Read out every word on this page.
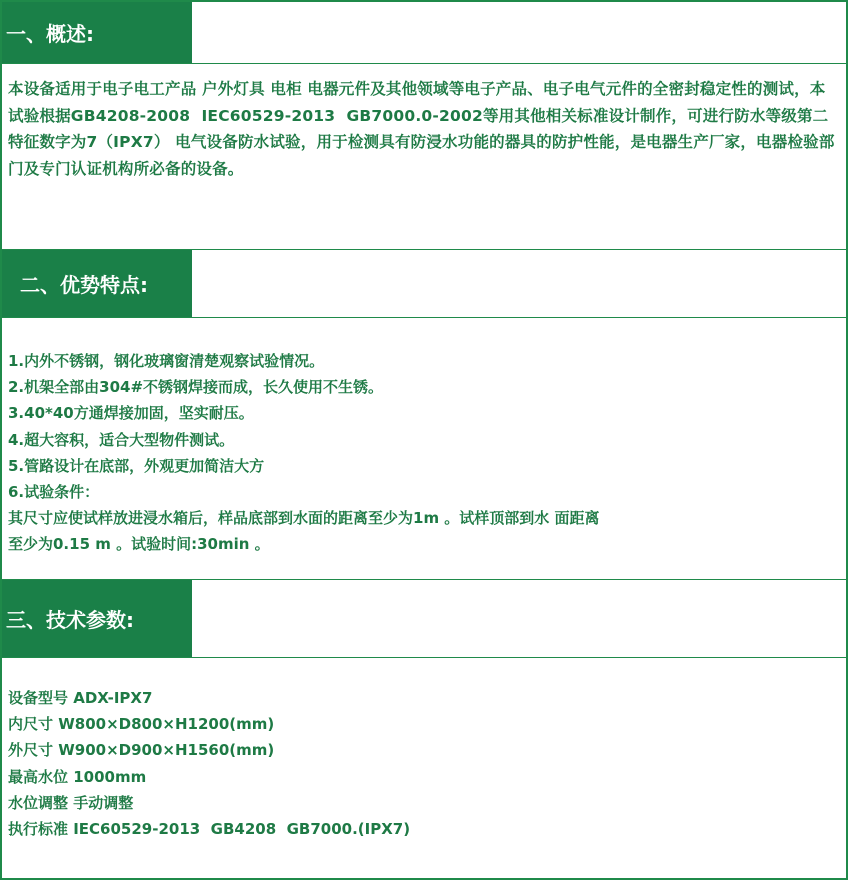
一、概述:

本设备适用于电子电工产品 户外灯具 电柜 电器元件及其他领域等电子产品、电子电气元件的全密封稳定性的测试，本试验根据GB4208-2008  IEC60529-2013  GB7000.0-2002等用其他相关标准设计制作，可进行防水等级第二特征数字为7（IPX7） 电气设备防水试验，用于检测具有防浸水功能的器具的防护性能，是电器生产厂家，电器检验部门及专门认证机构所必备的设备。

二、优势特点:

1.内外不锈钢，钢化玻璃窗清楚观察试验情况。

2.机架全部由304#不锈钢焊接而成，长久使用不生锈。

3.40*40方通焊接加固，坚实耐压。

4.超大容积，适合大型物件测试。

5.管路设计在底部，外观更加简洁大方

6.试验条件：

其尺寸应使试样放进浸水箱后，样品底部到水面的距离至少为1m 。试样顶部到水 面距离

至少为0.15 m 。试验时间:30min 。

三、技术参数:

设备型号 ADX-IPX7

内尺寸 W800×D800×H1200(mm)

外尺寸 W900×D900×H1560(mm)

最高水位 1000mm

水位调整 手动调整

执行标准 IEC60529-2013  GB4208  GB7000.(IPX7)
